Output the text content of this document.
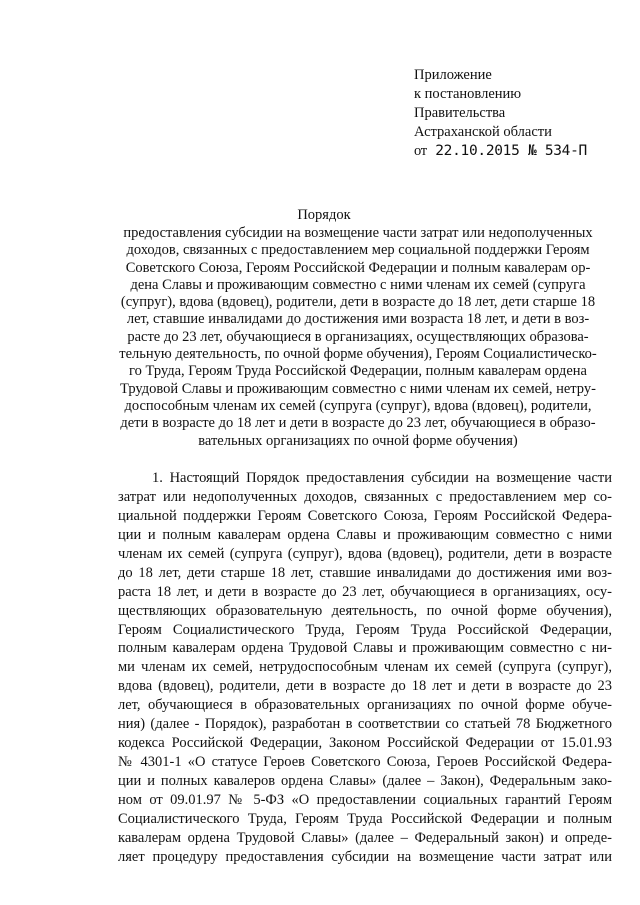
Приложение
к постановлению
Правительства
Астраханской области
от 22.10.2015 № 534-П
Порядок
предоставления субсидии на возмещение части затрат или недополученных
доходов, связанных с предоставлением мер социальной поддержки Героям
Советского Союза, Героям Российской Федерации и полным кавалерам ор-
дена Славы и проживающим совместно с ними членам их семей (супруга
(супруг), вдова (вдовец), родители, дети в возрасте до 18 лет, дети старше 18
лет, ставшие инвалидами до достижения ими возраста 18 лет, и дети в воз-
расте до 23 лет, обучающиеся в организациях, осуществляющих образова-
тельную деятельность, по очной форме обучения), Героям Социалистическо-
го Труда, Героям Труда Российской Федерации, полным кавалерам ордена
Трудовой Славы и проживающим совместно с ними членам их семей, нетру-
доспособным членам их семей (супруга (супруг), вдова (вдовец), родители,
дети в возрасте до 18 лет и дети в возрасте до 23 лет, обучающиеся в образо-
вательных организациях по очной форме обучения)
1. Настоящий Порядок предоставления субсидии на возмещение части
затрат или недополученных доходов, связанных с предоставлением мер со-
циальной поддержки Героям Советского Союза, Героям Российской Федера-
ции и полным кавалерам ордена Славы и проживающим совместно с ними
членам их семей (супруга (супруг), вдова (вдовец), родители, дети в возрасте
до 18 лет, дети старше 18 лет, ставшие инвалидами до достижения ими воз-
раста 18 лет, и дети в возрасте до 23 лет, обучающиеся в организациях, осу-
ществляющих образовательную деятельность, по очной форме обучения),
Героям Социалистического Труда, Героям Труда Российской Федерации,
полным кавалерам ордена Трудовой Славы и проживающим совместно с ни-
ми членам их семей, нетрудоспособным членам их семей (супруга (супруг),
вдова (вдовец), родители, дети в возрасте до 18 лет и дети в возрасте до 23
лет, обучающиеся в образовательных организациях по очной форме обуче-
ния) (далее - Порядок), разработан в соответствии со статьей 78 Бюджетного
кодекса Российской Федерации, Законом Российской Федерации от 15.01.93
№ 4301-1 «О статусе Героев Советского Союза, Героев Российской Федера-
ции и полных кавалеров ордена Славы» (далее – Закон), Федеральным зако-
ном от 09.01.97 № 5-ФЗ «О предоставлении социальных гарантий Героям
Социалистического Труда, Героям Труда Российской Федерации и полным
кавалерам ордена Трудовой Славы» (далее – Федеральный закон) и опреде-
ляет процедуру предоставления субсидии на возмещение части затрат или
